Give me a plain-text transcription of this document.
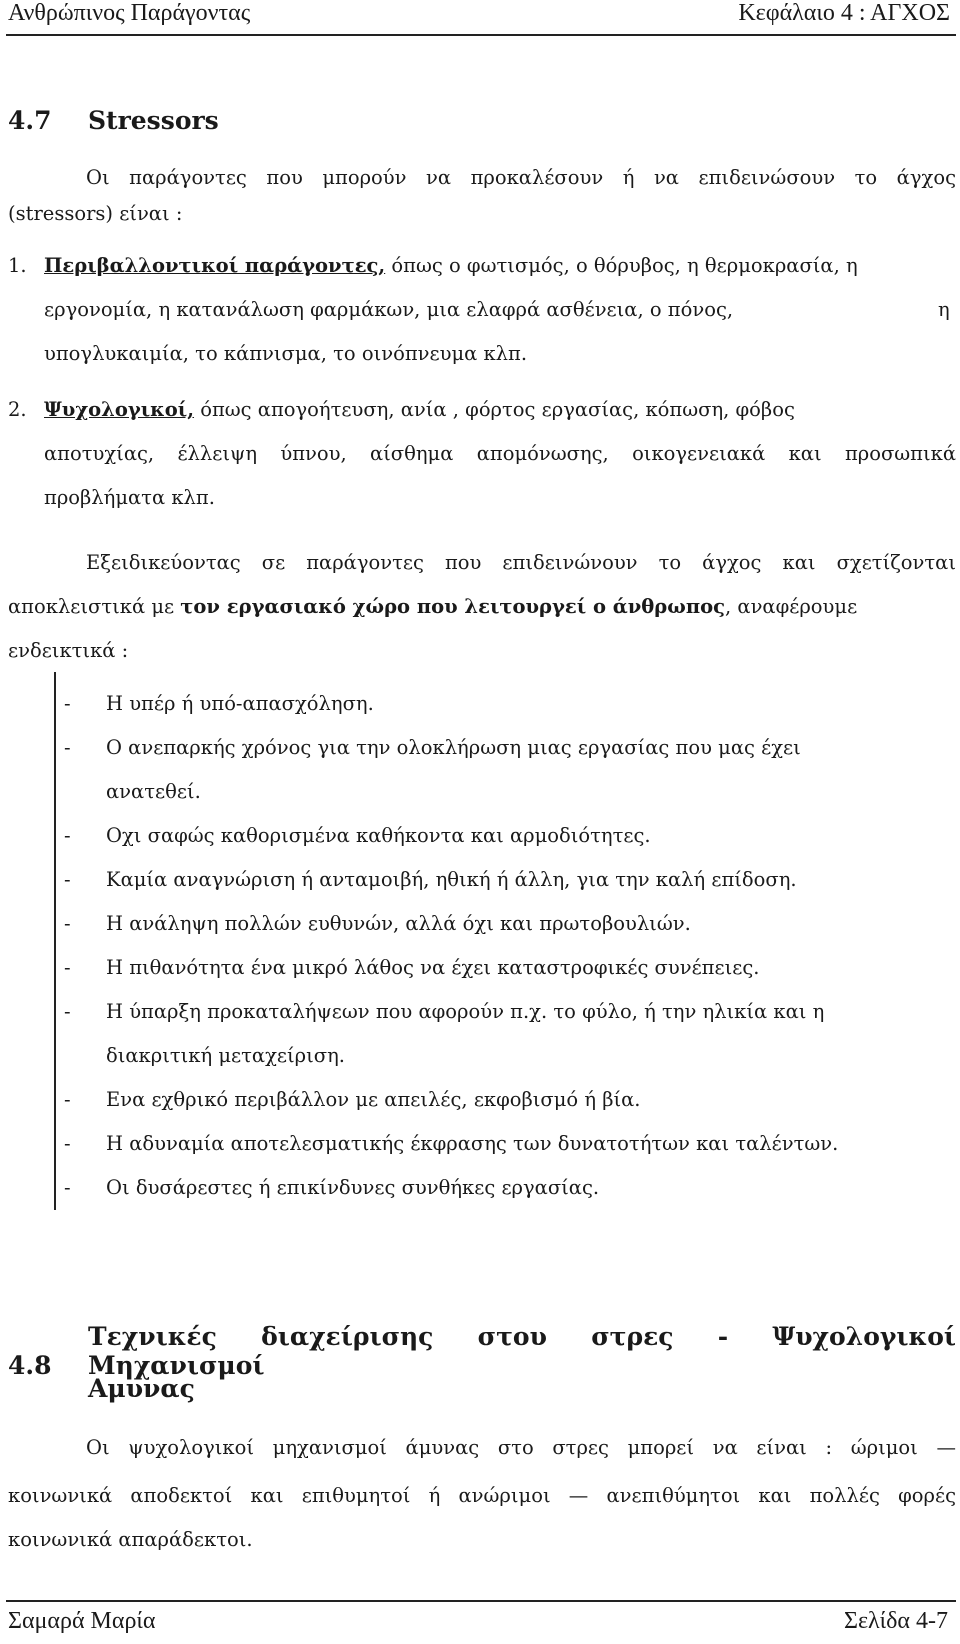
Ανθρώπινος Παράγοντας	Κεφάλαιο 4 : ΑΓΧΟΣ
4.7 Stressors
Οι παράγοντες που μπορούν να προκαλέσουν ή να επιδεινώσουν το άγχος
(stressors) είναι :
1. Περιβαλλοντικοί παράγοντες, όπως ο φωτισμός, ο θόρυβος, η θερμοκρασία, η
εργονομία, η κατανάλωση φαρμάκων, μια ελαφρά ασθένεια, ο πόνος,	η
υπογλυκαιμία, το κάπνισμα, το οινόπνευμα κλπ.
2. Ψυχολογικοί, όπως απογοήτευση, ανία , φόρτος εργασίας, κόπωση, φόβος
αποτυχίας, έλλειψη ύπνου, αίσθημα απομόνωσης, οικογενειακά και προσωπικά
προβλήματα κλπ.
Εξειδικεύοντας σε παράγοντες που επιδεινώνουν το άγχος και σχετίζονται
αποκλειστικά με τον εργασιακό χώρο που λειτουργεί ο άνθρωπος, αναφέρουμε
ενδεικτικά :
- Η υπέρ ή υπό-απασχόληση.
- Ο ανεπαρκής χρόνος για την ολοκλήρωση μιας εργασίας που μας έχει
ανατεθεί.
- Οχι σαφώς καθορισμένα καθήκοντα και αρμοδιότητες.
- Καμία αναγνώριση ή ανταμοιβή, ηθική ή άλλη, για την καλή επίδοση.
- Η ανάληψη πολλών ευθυνών, αλλά όχι και πρωτοβουλιών.
- Η πιθανότητα ένα μικρό λάθος να έχει καταστροφικές συνέπειες.
- Η ύπαρξη προκαταλήψεων που αφορούν π.χ. το φύλο, ή την ηλικία και η
διακριτική μεταχείριση.
- Ενα εχθρικό περιβάλλον με απειλές, εκφοβισμό ή βία.
- Η αδυναμία αποτελεσματικής έκφρασης των δυνατοτήτων και ταλέντων.
- Οι δυσάρεστες ή επικίνδυνες συνθήκες εργασίας.
4.8Τεχνικές διαχείρισης στου στρες - Ψυχολογικοί Μηχανισμοί
Αμυνας
Οι ψυχολογικοί μηχανισμοί άμυνας στο στρες μπορεί να είναι : ώριμοι —
κοινωνικά αποδεκτοί και επιθυμητοί ή ανώριμοι — ανεπιθύμητοι και πολλές φορές
κοινωνικά απαράδεκτοι.
Σαμαρά Μαρία	Σελίδα 4-7
